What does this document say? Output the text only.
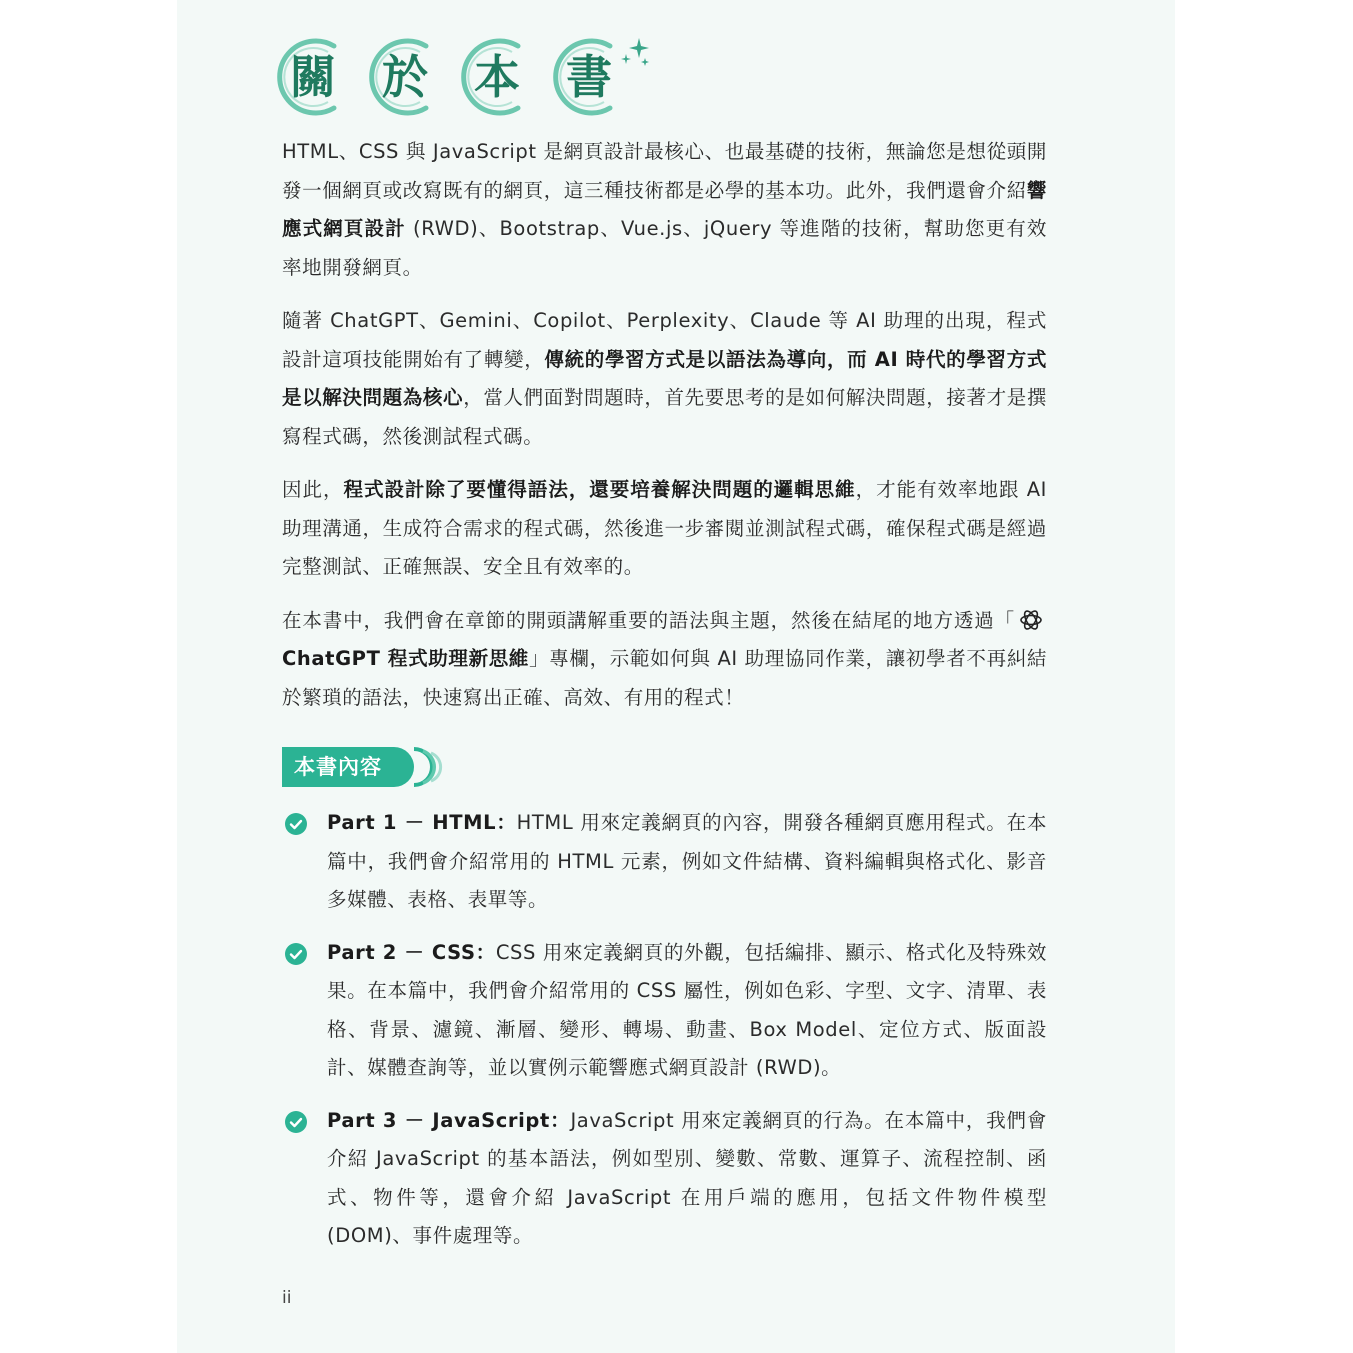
關	於	本	書

HTML、CSS 與 JavaScript 是網頁設計最核心、也最基礎的技術，無論您是想從頭開發一個網頁或改寫既有的網頁，這三種技術都是必學的基本功。此外，我們還會介紹響應式網頁設計 (RWD)、Bootstrap、Vue.js、jQuery 等進階的技術，幫助您更有效率地開發網頁。

隨著 ChatGPT、Gemini、Copilot、Perplexity、Claude 等 AI 助理的出現，程式設計這項技能開始有了轉變，傳統的學習方式是以語法為導向，而 AI 時代的學習方式是以解決問題為核心，當人們面對問題時，首先要思考的是如何解決問題，接著才是撰寫程式碼，然後測試程式碼。

因此，程式設計除了要懂得語法，還要培養解決問題的邏輯思維，才能有效率地跟 AI 助理溝通，生成符合需求的程式碼，然後進一步審閱並測試程式碼，確保程式碼是經過完整測試、正確無誤、安全且有效率的。

在本書中，我們會在章節的開頭講解重要的語法與主題，然後在結尾的地方透過「ChatGPT 程式助理新思維」專欄，示範如何與 AI 助理協同作業，讓初學者不再糾結於繁瑣的語法，快速寫出正確、高效、有用的程式！

本書內容
Part 1 － HTML：HTML 用來定義網頁的內容，開發各種網頁應用程式。在本篇中，我們會介紹常用的 HTML 元素，例如文件結構、資料編輯與格式化、影音多媒體、表格、表單等。
Part 2 － CSS：CSS 用來定義網頁的外觀，包括編排、顯示、格式化及特殊效果。在本篇中，我們會介紹常用的 CSS 屬性，例如色彩、字型、文字、清單、表格、背景、濾鏡、漸層、變形、轉場、動畫、Box Model、定位方式、版面設計、媒體查詢等，並以實例示範響應式網頁設計 (RWD)。
Part 3 － JavaScript：JavaScript 用來定義網頁的行為。在本篇中，我們會介紹 JavaScript 的基本語法，例如型別、變數、常數、運算子、流程控制、函式、物件等，還會介紹 JavaScript 在用戶端的應用，包括文件物件模型 (DOM)、事件處理等。
ii
